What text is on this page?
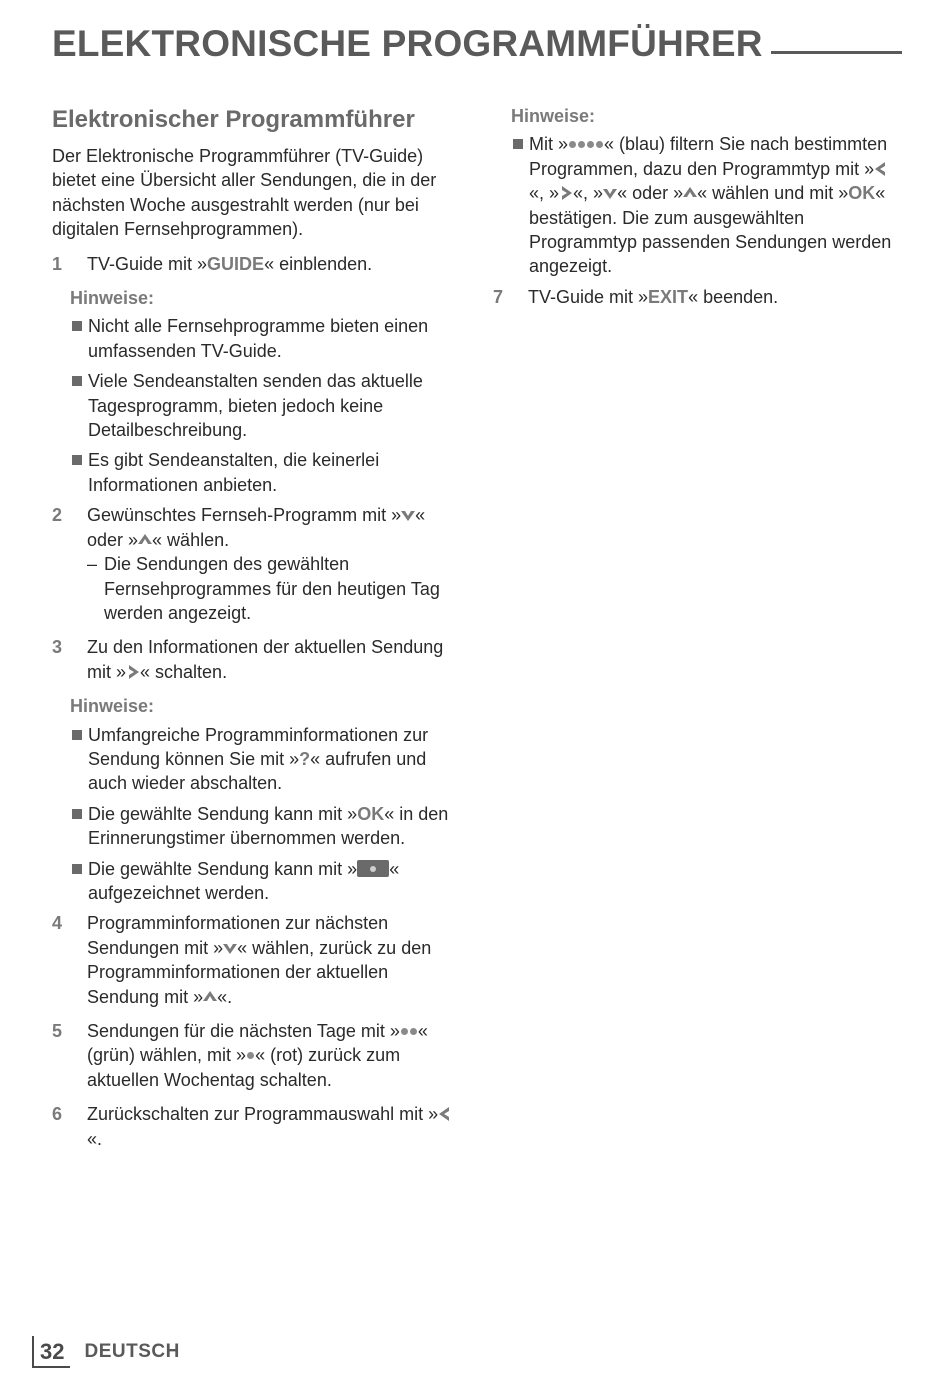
ELEKTRONISCHE PROGRAMMFÜHRER
Elektronischer Programmführer

Der Elektronische Programmführer (TV-Guide) bietet eine Übersicht aller Sendungen, die in der nächsten Woche ausgestrahlt werden (nur bei digitalen Fernsehprogrammen).

1	TV-Guide mit »GUIDE« einblenden.
Hinweise:
Nicht alle Fernsehprogramme bieten einen umfassenden TV-Guide.
Viele Sendeanstalten senden das aktuelle Tagesprogramm, bieten jedoch keine Detailbeschreibung.
Es gibt Sendeanstalten, die keinerlei Informationen anbieten.
2	Gewünschtes Fernseh-Programm mit » « oder » « wählen.
– Die Sendungen des gewählten Fernsehprogrammes für den heutigen Tag werden angezeigt.
3	Zu den Informationen der aktuellen Sendung mit » « schalten.
Hinweise:
Umfangreiche Programminformationen zur Sendung können Sie mit »?« aufrufen und auch wieder abschalten.
Die gewählte Sendung kann mit »OK« in den Erinnerungstimer übernommen werden.
Die gewählte Sendung kann mit » « aufgezeichnet werden.
4	Programminformationen zur nächsten Sendungen mit » « wählen, zurück zu den Programminformationen der aktuellen Sendung mit » «.
5	Sendungen für die nächsten Tage mit » « (grün) wählen, mit » « (rot) zurück zum aktuellen Wochentag schalten.
6	Zurückschalten zur Programmauswahl mit »«.
Hinweise:
Mit » « (blau) filtern Sie nach bestimmten Programmen, dazu den Programmtyp mit »«, » «, » « oder » « wählen und mit »OK« bestätigen. Die zum ausgewählten Programmtyp passenden Sendungen werden angezeigt.
7	TV-Guide mit »EXIT« beenden.
32	DEUTSCH
